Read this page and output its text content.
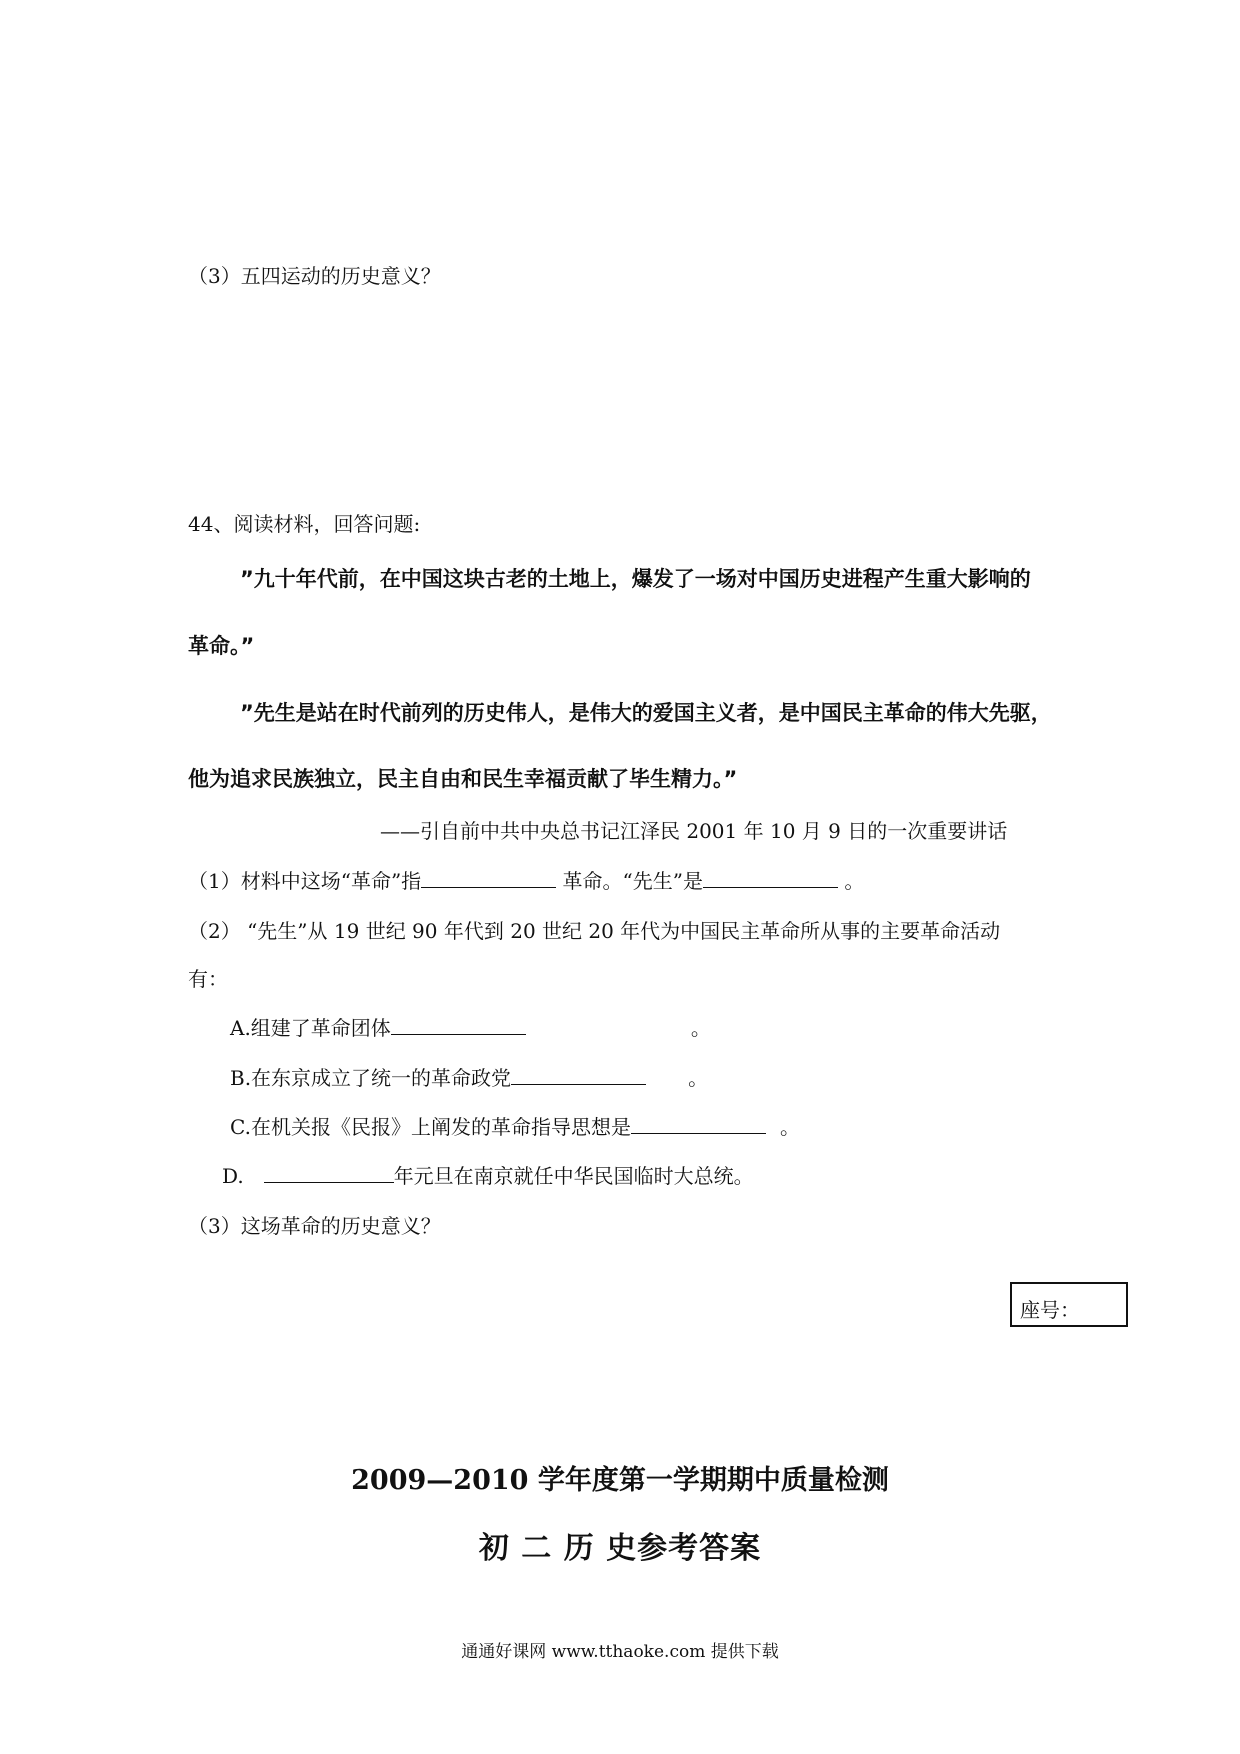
（3）五四运动的历史意义？
44、阅读材料，回答问题:
”九十年代前，在中国这块古老的土地上，爆发了一场对中国历史进程产生重大影响的
革命。”
”先生是站在时代前列的历史伟人，是伟大的爱国主义者，是中国民主革命的伟大先驱，
他为追求民族独立，民主自由和民生幸福贡献了毕生精力。”
——引自前中共中央总书记江泽民 2001 年 10 月 9 日的一次重要讲话
（1）材料中这场“革命”指	革命。“先生”是	。
（2） “先生”从 19 世纪 90 年代到 20 世纪 20 年代为中国民主革命所从事的主要革命活动
有：
A.组建了革命团体	。
B.在东京成立了统一的革命政党	。
C.在机关报《民报》上阐发的革命指导思想是	。
D.	年元旦在南京就任中华民国临时大总统。
（3）这场革命的历史意义？
座号：
2009—2010 学年度第一学期期中质量检测
初 二 历 史参考答案
通通好课网 www.tthaoke.com 提供下载
